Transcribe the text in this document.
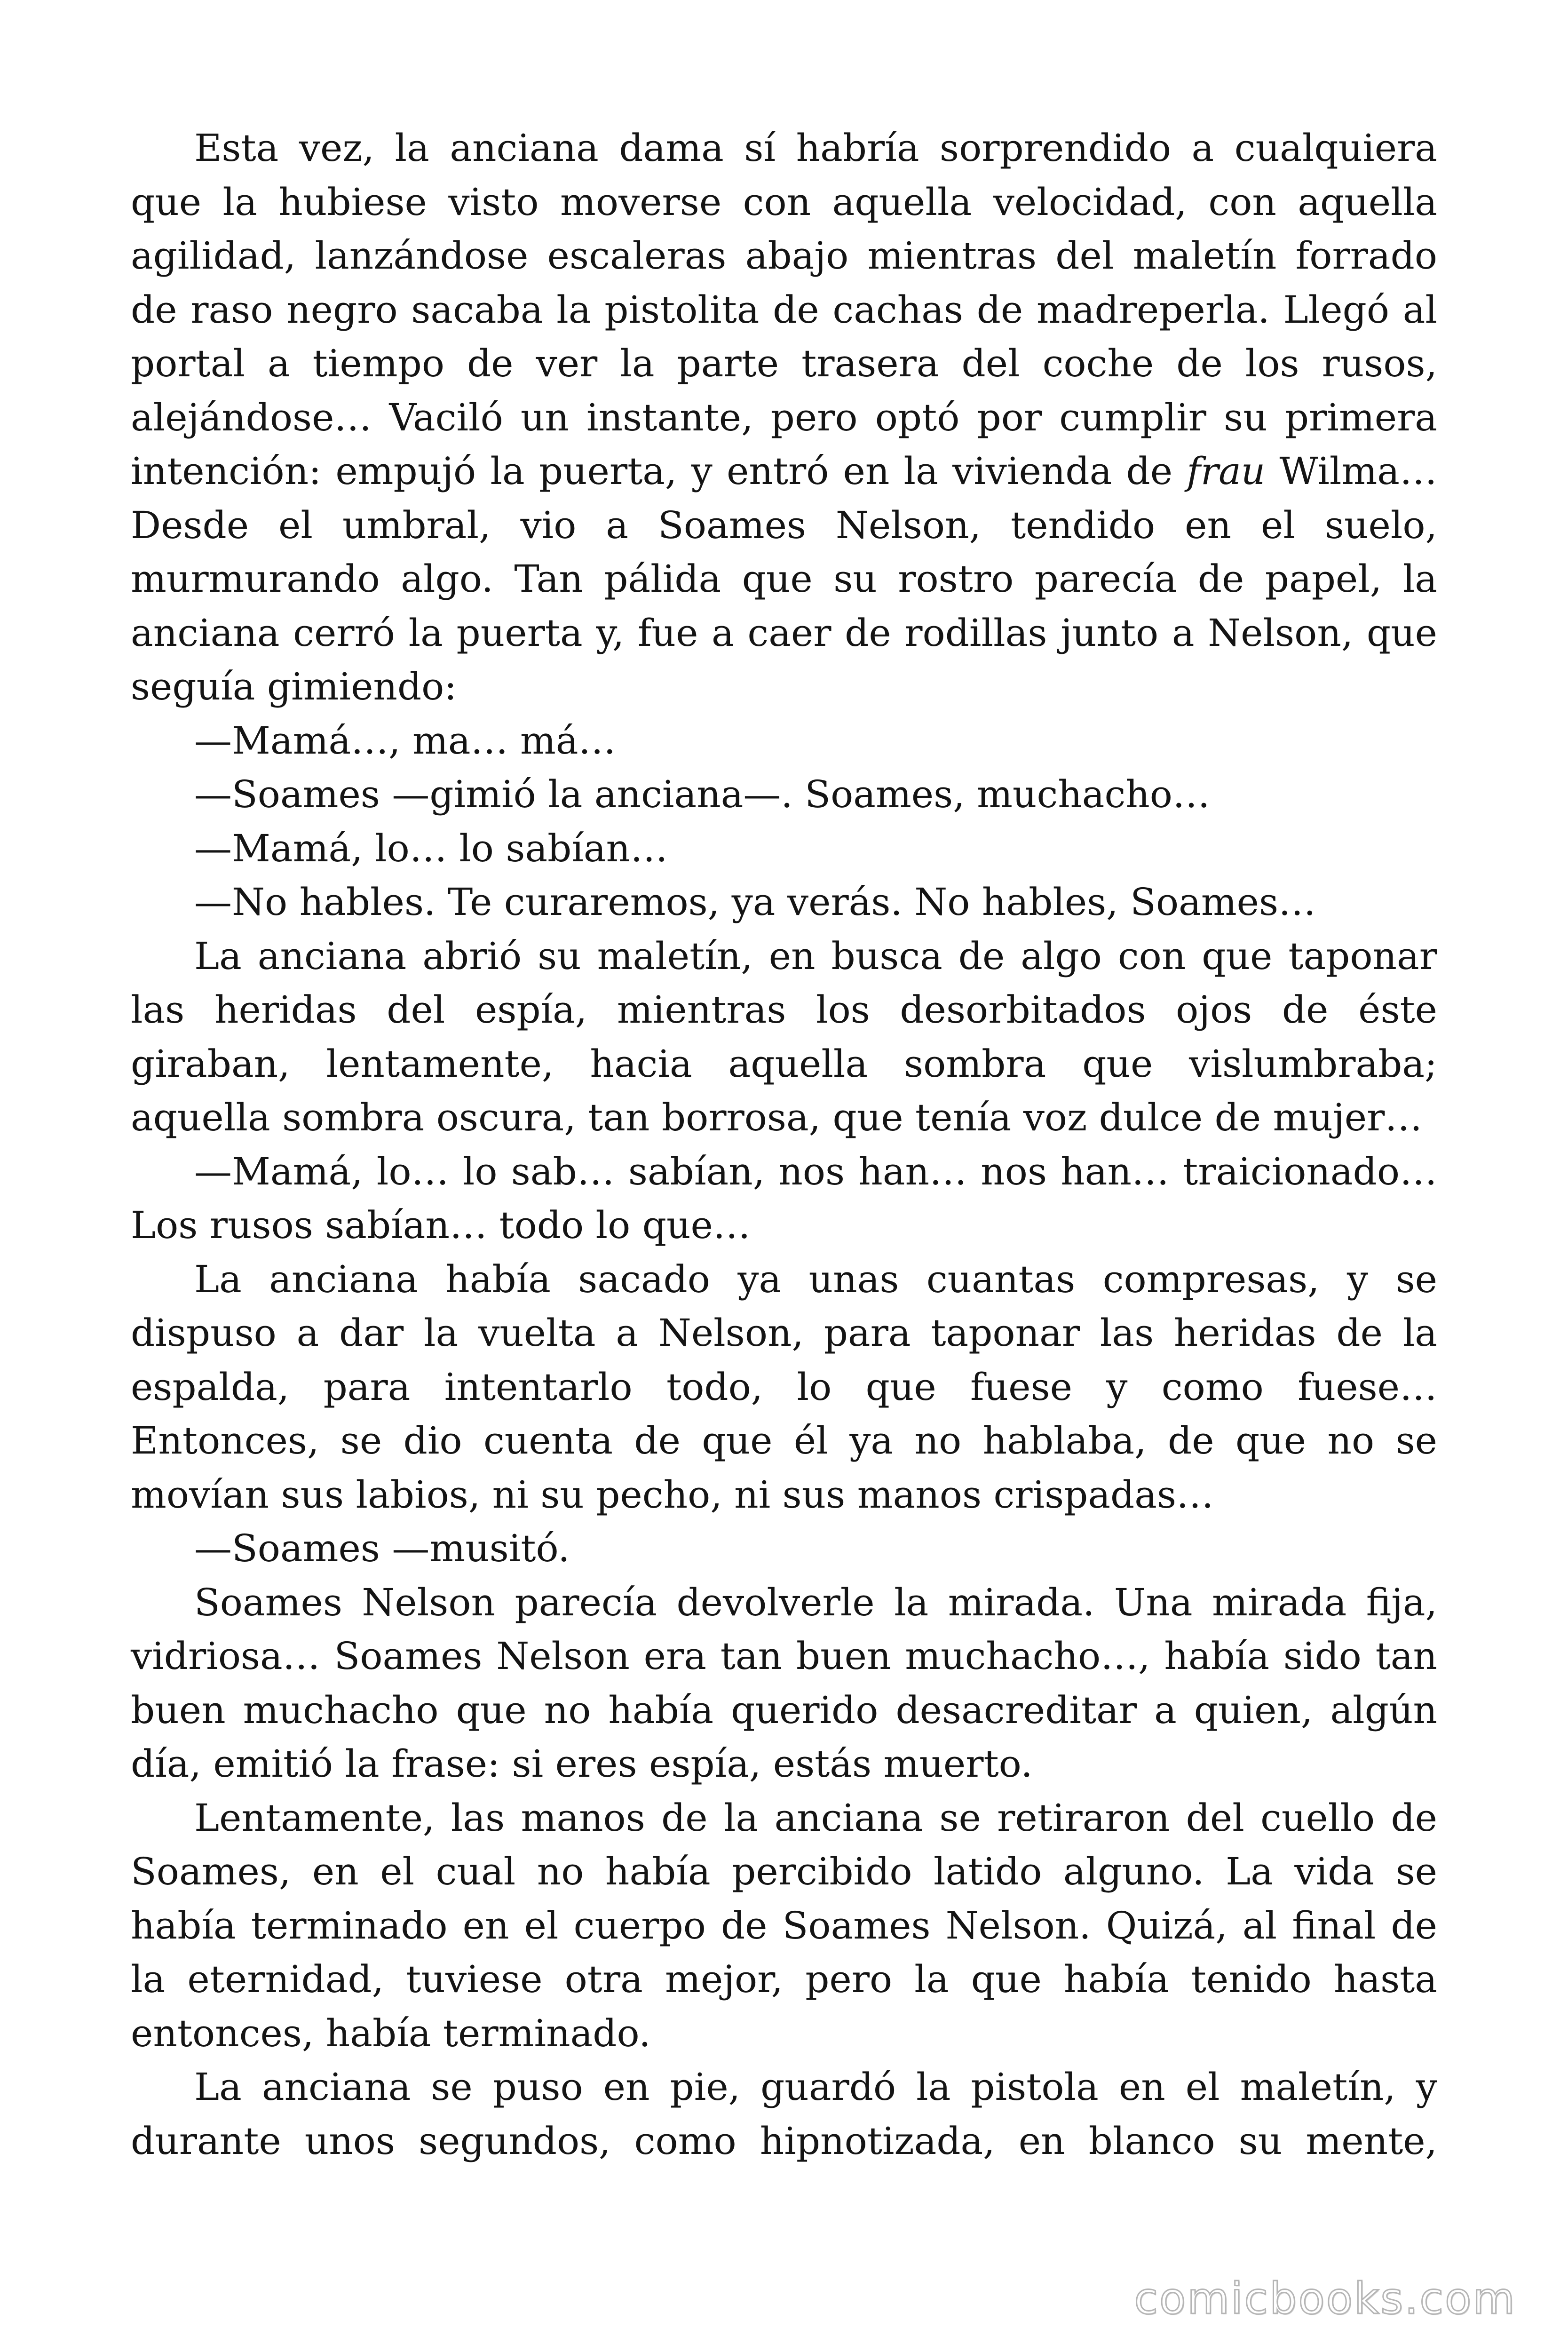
Esta vez, la anciana dama sí habría sorprendido a cualquiera que la hubiese visto moverse con aquella velocidad, con aquella agilidad, lanzándose escaleras abajo mientras del maletín forrado de raso negro sacaba la pistolita de cachas de madreperla. Llegó al portal a tiempo de ver la parte trasera del coche de los rusos, alejándose… Vaciló un instante, pero optó por cumplir su primera intención: empujó la puerta, y entró en la vivienda de frau Wilma… Desde el umbral, vio a Soames Nelson, tendido en el suelo, murmurando algo. Tan pálida que su rostro parecía de papel, la anciana cerró la puerta y, fue a caer de rodillas junto a Nelson, que seguía gimiendo:

—Mamá…, ma… má…

—Soames —gimió la anciana—. Soames, muchacho…

—Mamá, lo… lo sabían…

—No hables. Te curaremos, ya verás. No hables, Soames…

La anciana abrió su maletín, en busca de algo con que taponar las heridas del espía, mientras los desorbitados ojos de éste giraban, lentamente, hacia aquella sombra que vislumbraba; aquella sombra oscura, tan borrosa, que tenía voz dulce de mujer…

—Mamá, lo… lo sab… sabían, nos han… nos han… traicionado… Los rusos sabían… todo lo que…

La anciana había sacado ya unas cuantas compresas, y se dispuso a dar la vuelta a Nelson, para taponar las heridas de la espalda, para intentarlo todo, lo que fuese y como fuese… Entonces, se dio cuenta de que él ya no hablaba, de que no se movían sus labios, ni su pecho, ni sus manos crispadas…

—Soames —musitó.

Soames Nelson parecía devolverle la mirada. Una mirada fija, vidriosa… Soames Nelson era tan buen muchacho…, había sido tan buen muchacho que no había querido desacreditar a quien, algún día, emitió la frase: si eres espía, estás muerto.

Lentamente, las manos de la anciana se retiraron del cuello de Soames, en el cual no había percibido latido alguno. La vida se había terminado en el cuerpo de Soames Nelson. Quizá, al final de la eternidad, tuviese otra mejor, pero la que había tenido hasta entonces, había terminado.

La anciana se puso en pie, guardó la pistola en el maletín, y durante unos segundos, como hipnotizada, en blanco su mente,

comicbooks.com
